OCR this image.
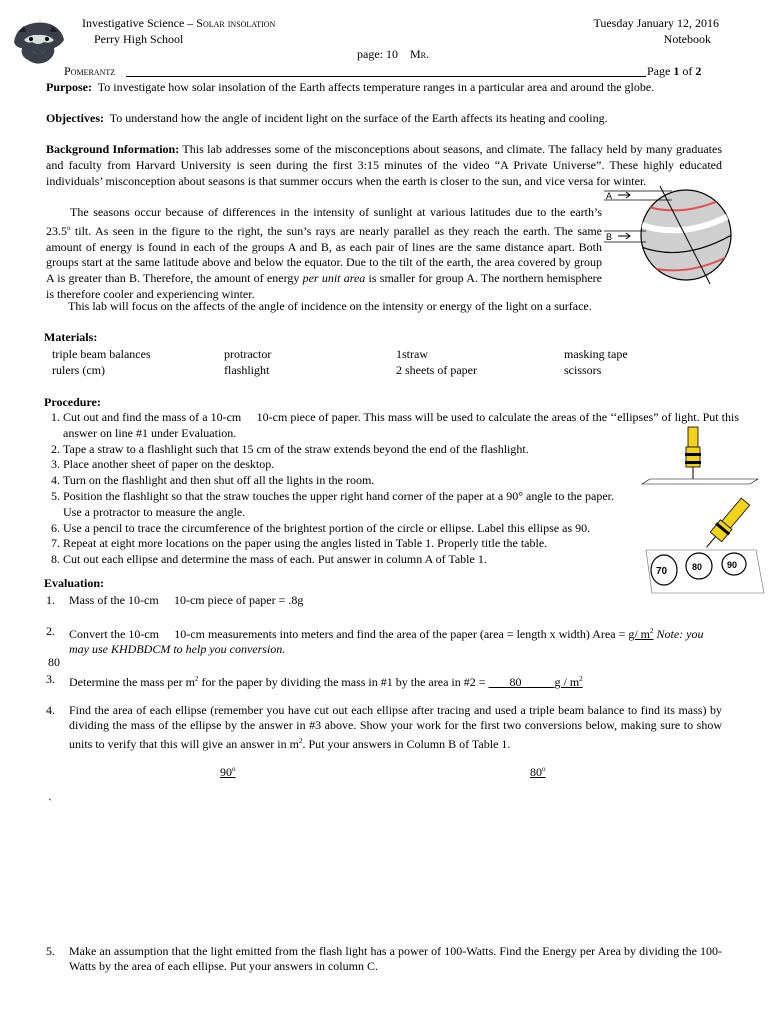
Investigative Science – Solar insolation
Perry High School
Tuesday January 12, 2016
Notebook
page: 10 Mr.
Pomerantz	Page 1 of 2
Purpose: To investigate how solar insolation of the Earth affects temperature ranges in a particular area and around the globe.
Objectives: To understand how the angle of incident light on the surface of the Earth affects its heating and cooling.
Background Information: This lab addresses some of the misconceptions about seasons, and climate. The fallacy held by many graduates and faculty from Harvard University is seen during the first 3:15 minutes of the video “A Private Universe”. These highly educated individuals’ misconception about seasons is that summer occurs when the earth is closer to the sun, and vice versa for winter.
The seasons occur because of differences in the intensity of sunlight at various latitudes due to the earth’s 23.5$^o$ tilt. As seen in the figure to the right, the sun’s rays are nearly parallel as they reach the earth. The same amount of energy is found in each of the groups A and B, as each pair of lines are the same distance apart. Both groups start at the same latitude above and below the equator. Due to the tilt of the earth, the area covered by group A is greater than B. Therefore, the amount of energy per unit area is smaller for group A. The northern hemisphere is therefore cooler and experiencing winter.
This lab will focus on the affects of the angle of incidence on the intensity or energy of the light on a surface.
A
B
Materials:
triple beam balances	protractor	1straw	masking tape
rulers (cm)	flashlight	2 sheets of paper	scissors
Procedure:
1. Cut out and find the mass of a 10-cm 10-cm piece of paper. This mass will be used to calculate the areas of the ‘‘ellipses” of light. Put this answer on line #1 under Evaluation.
2. Tape a straw to a flashlight such that 15 cm of the straw extends beyond the end of the flashlight.
3. Place another sheet of paper on the desktop.
4. Turn on the flashlight and then shut off all the lights in the room.
5. Position the flashlight so that the straw touches the upper right hand corner of the paper at a 90° angle to the paper. Use a protractor to measure the angle.
6. Use a pencil to trace the circumference of the brightest portion of the circle or ellipse. Label this ellipse as 90.
7. Repeat at eight more locations on the paper using the angles listed in Table 1. Properly title the table.
8. Cut out each ellipse and determine the mass of each. Put answer in column A of Table 1.
70	80	90
Evaluation:
1. Mass of the 10-cm 10-cm piece of paper = .8g
2. Convert the 10-cm 10-cm measurements into meters and find the area of the paper (area = length x width) Area = g/ $m^2$ Note: you may use KHDBDCM to help you conversion.
80
3. Determine the mass per $m^2$ for the paper by dividing the mass in #1 by the area in #2 =        80	g / $m^2$
4. Find the area of each ellipse (remember you have cut out each ellipse after tracing and used a triple beam balance to find its mass) by dividing the mass of the ellipse by the answer in #3 above. Show your work for the first two conversions below, making sure to show units to verify that this will give an answer in $m^2$. Put your answers in Column B of Table 1.
90$^o$	80$^o$
`
5. Make an assumption that the light emitted from the flash light has a power of 100-Watts. Find the Energy per Area by dividing the 100-Watts by the area of each ellipse. Put your answers in column C.
